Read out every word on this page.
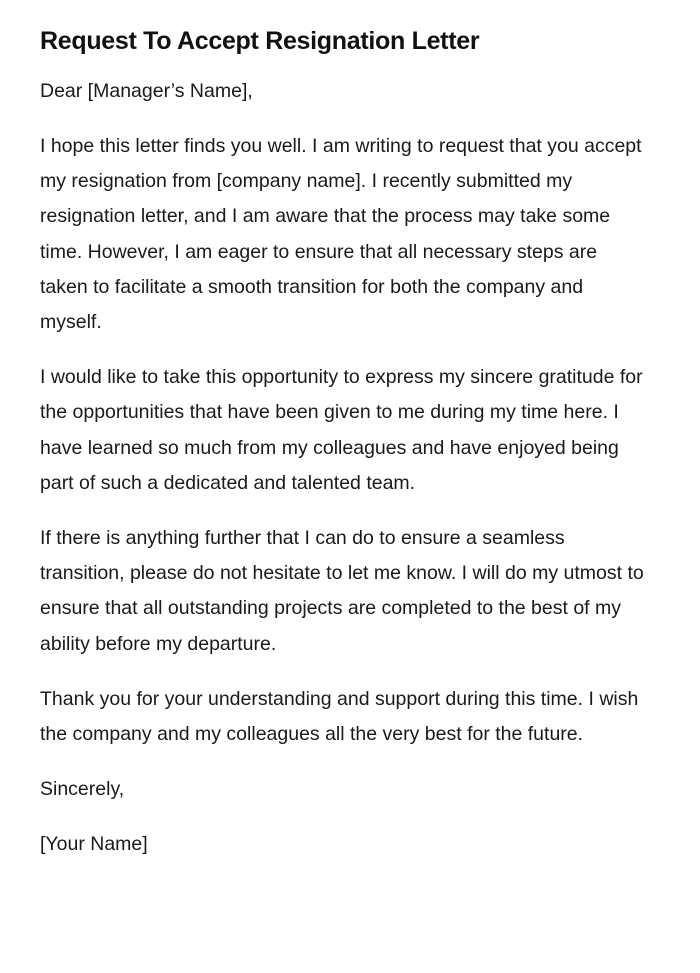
Request To Accept Resignation Letter

Dear [Manager’s Name],

I hope this letter finds you well. I am writing to request that you accept my resignation from [company name]. I recently submitted my resignation letter, and I am aware that the process may take some time. However, I am eager to ensure that all necessary steps are taken to facilitate a smooth transition for both the company and myself.

I would like to take this opportunity to express my sincere gratitude for the opportunities that have been given to me during my time here. I have learned so much from my colleagues and have enjoyed being part of such a dedicated and talented team.

If there is anything further that I can do to ensure a seamless transition, please do not hesitate to let me know. I will do my utmost to ensure that all outstanding projects are completed to the best of my ability before my departure.

Thank you for your understanding and support during this time. I wish the company and my colleagues all the very best for the future.

Sincerely,

[Your Name]
